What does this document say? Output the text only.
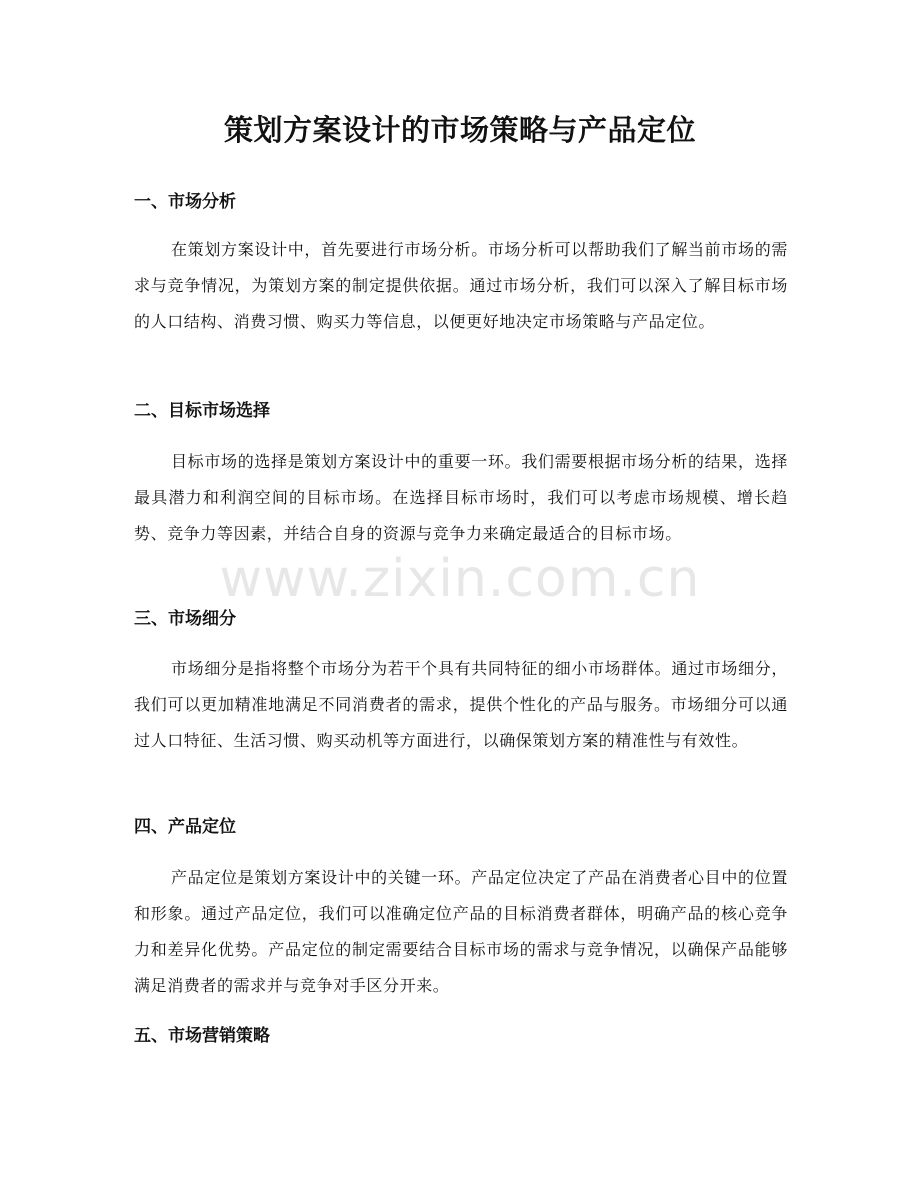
策划方案设计的市场策略与产品定位
一、市场分析

在策划方案设计中，首先要进行市场分析。市场分析可以帮助我们了解当前市场的需求与竞争情况，为策划方案的制定提供依据。通过市场分析，我们可以深入了解目标市场的人口结构、消费习惯、购买力等信息，以便更好地决定市场策略与产品定位。

二、目标市场选择

目标市场的选择是策划方案设计中的重要一环。我们需要根据市场分析的结果，选择最具潜力和利润空间的目标市场。在选择目标市场时，我们可以考虑市场规模、增长趋势、竞争力等因素，并结合自身的资源与竞争力来确定最适合的目标市场。

三、市场细分

市场细分是指将整个市场分为若干个具有共同特征的细小市场群体。通过市场细分，我们可以更加精准地满足不同消费者的需求，提供个性化的产品与服务。市场细分可以通过人口特征、生活习惯、购买动机等方面进行，以确保策划方案的精准性与有效性。

四、产品定位

产品定位是策划方案设计中的关键一环。产品定位决定了产品在消费者心目中的位置和形象。通过产品定位，我们可以准确定位产品的目标消费者群体，明确产品的核心竞争力和差异化优势。产品定位的制定需要结合目标市场的需求与竞争情况，以确保产品能够满足消费者的需求并与竞争对手区分开来。

五、市场营销策略
www.zixin.com.cn
